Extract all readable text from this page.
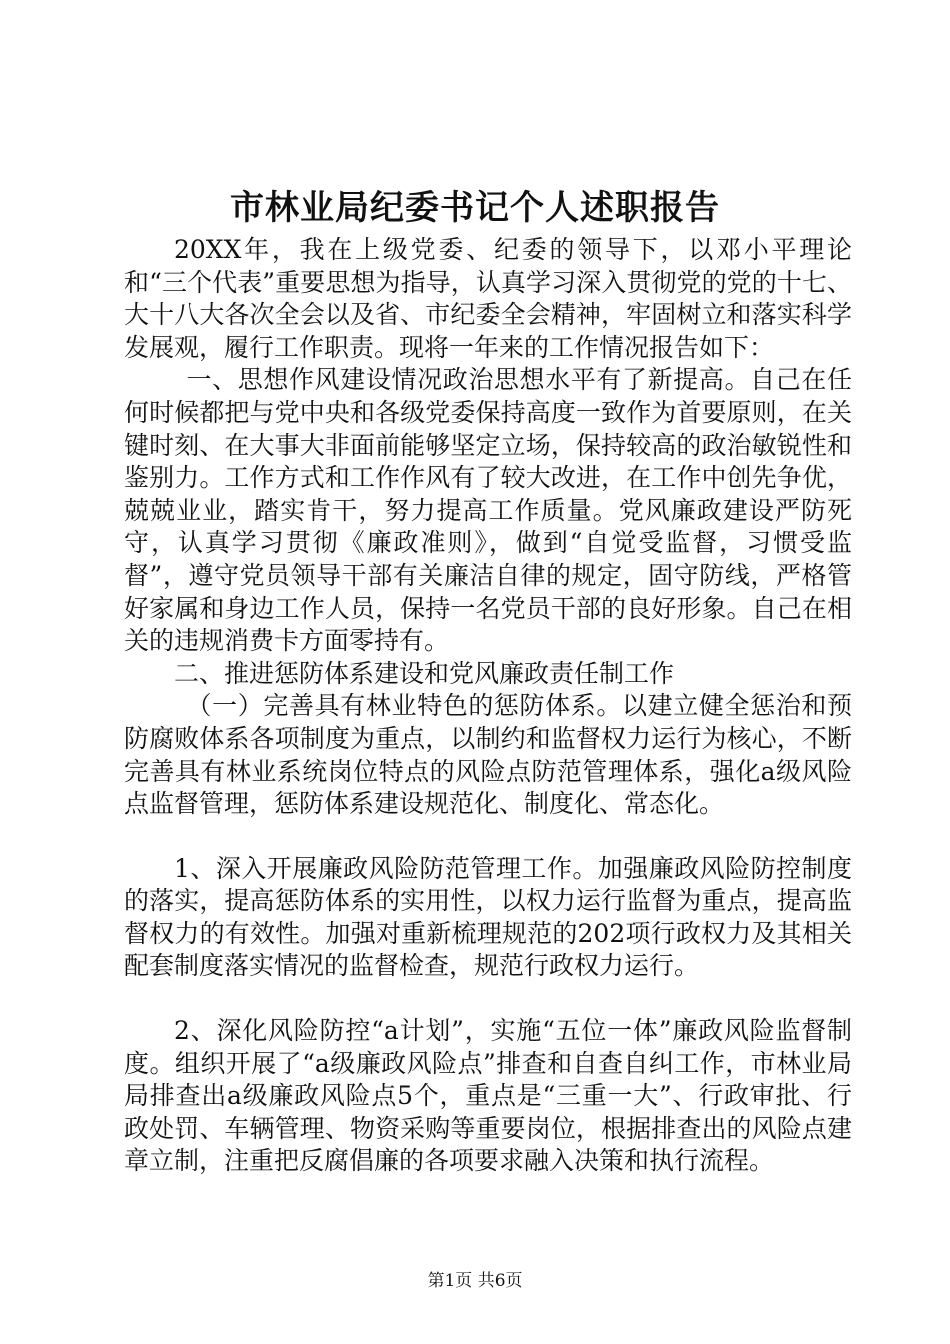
市林业局纪委书记个人述职报告

20XX年，我在上级党委、纪委的领导下，以邓小平理论和“三个代表”重要思想为指导，认真学习深入贯彻党的党的十七、大十八大各次全会以及省、市纪委全会精神，牢固树立和落实科学发展观，履行工作职责。现将一年来的工作情况报告如下：

一、思想作风建设情况政治思想水平有了新提高。自己在任何时候都把与党中央和各级党委保持高度一致作为首要原则，在关键时刻、在大事大非面前能够坚定立场，保持较高的政治敏锐性和鉴别力。工作方式和工作作风有了较大改进，在工作中创先争优，兢兢业业，踏实肯干，努力提高工作质量。党风廉政建设严防死守，认真学习贯彻《廉政准则》，做到“自觉受监督，习惯受监督”，遵守党员领导干部有关廉洁自律的规定，固守防线，严格管好家属和身边工作人员，保持一名党员干部的良好形象。自己在相关的违规消费卡方面零持有。

二、推进惩防体系建设和党风廉政责任制工作

（一）完善具有林业特色的惩防体系。以建立健全惩治和预防腐败体系各项制度为重点，以制约和监督权力运行为核心，不断完善具有林业系统岗位特点的风险点防范管理体系，强化a级风险点监督管理，惩防体系建设规范化、制度化、常态化。

1、深入开展廉政风险防范管理工作。加强廉政风险防控制度的落实，提高惩防体系的实用性，以权力运行监督为重点，提高监督权力的有效性。加强对重新梳理规范的202项行政权力及其相关配套制度落实情况的监督检查，规范行政权力运行。

2、深化风险防控“a计划”，实施“五位一体”廉政风险监督制度。组织开展了“a级廉政风险点”排查和自查自纠工作，市林业局局排查出a级廉政风险点5个，重点是“三重一大”、行政审批、行政处罚、车辆管理、物资采购等重要岗位，根据排查出的风险点建章立制，注重把反腐倡廉的各项要求融入决策和执行流程。

第1页 共6页
